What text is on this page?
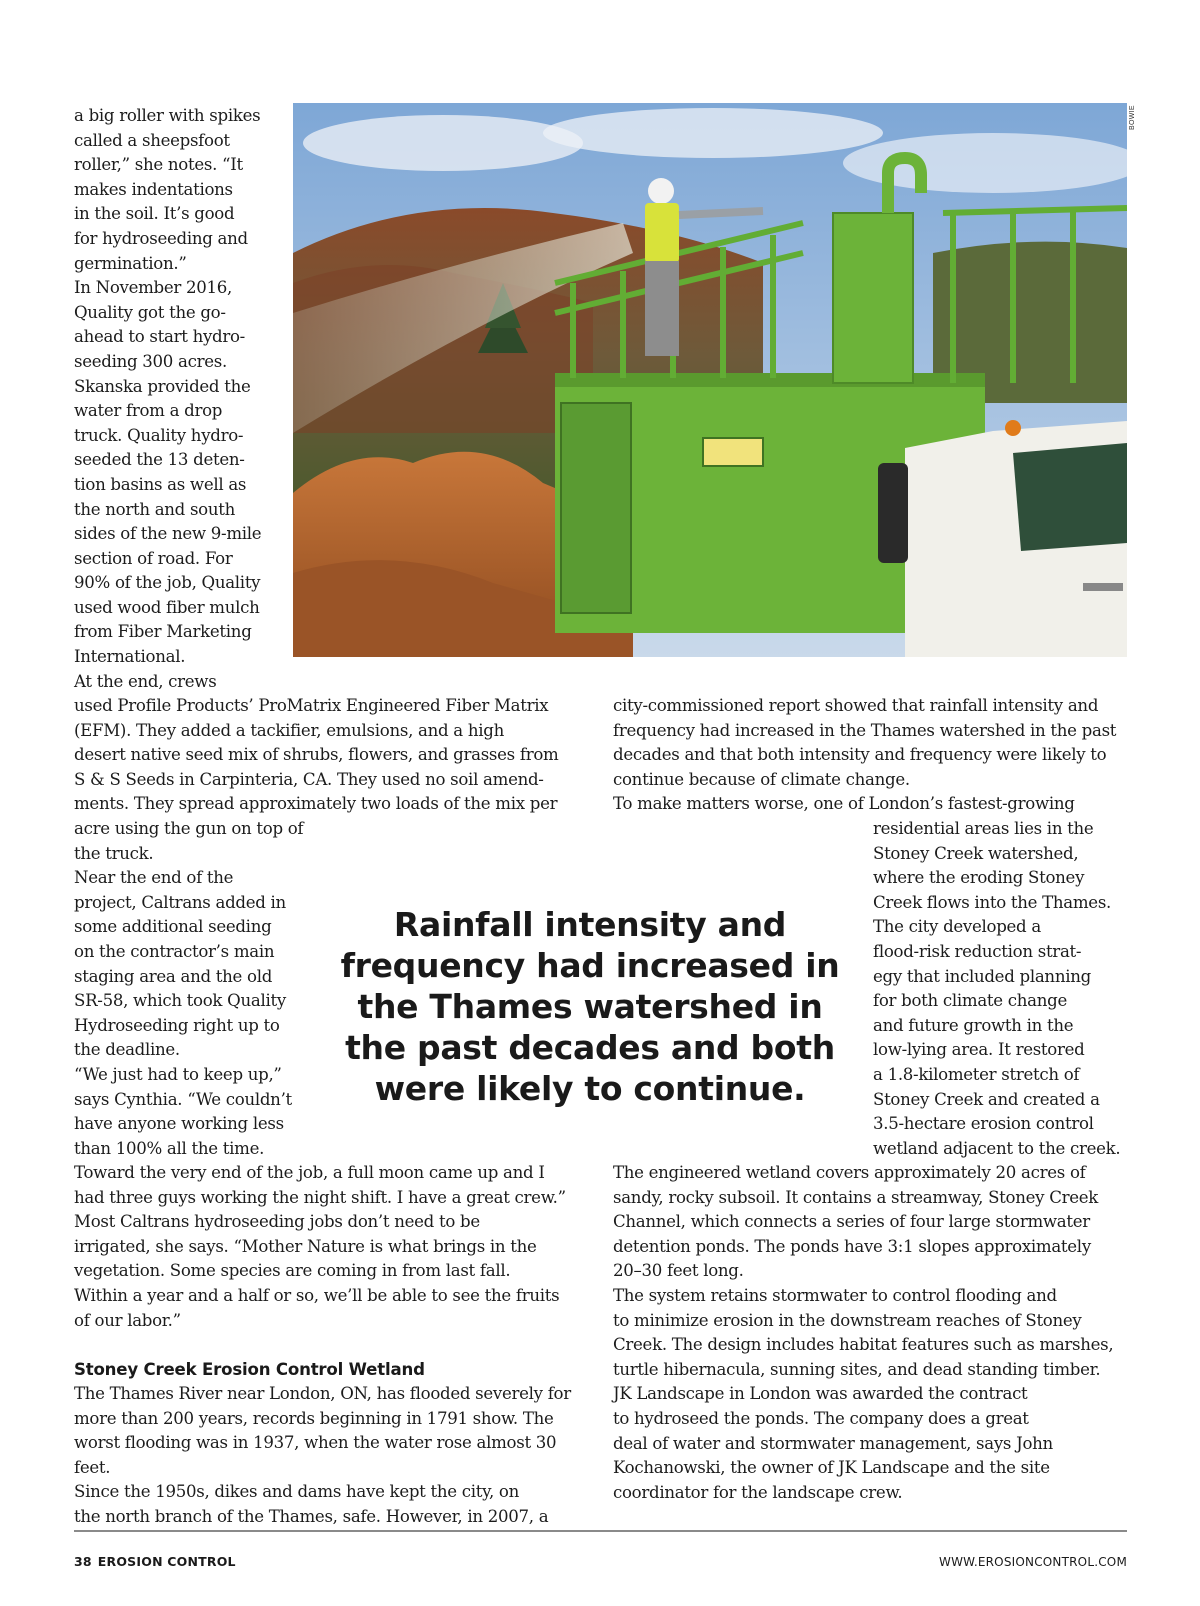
BOWIE

a big roller with spikes
called a sheepsfoot
roller,” she notes. “It
makes indentations
in the soil. It’s good
for hydroseeding and
germination.”
In November 2016,
Quality got the go-
ahead to start hydro-
seeding 300 acres.
Skanska provided the
water from a drop
truck. Quality hydro-
seeded the 13 deten-
tion basins as well as
the north and south
sides of the new 9-mile
section of road. For
90% of the job, Quality
used wood fiber mulch
from Fiber Marketing
International.
At the end, crews

used Profile Products’ ProMatrix Engineered Fiber Matrix
(EFM). They added a tackifier, emulsions, and a high
desert native seed mix of shrubs, flowers, and grasses from
S & S Seeds in Carpinteria, CA. They used no soil amend-
ments. They spread approximately two loads of the mix per

acre using the gun on top of
the truck.
Near the end of the
project, Caltrans added in
some additional seeding
on the contractor’s main
staging area and the old
SR-58, which took Quality
Hydroseeding right up to
the deadline.
“We just had to keep up,”
says Cynthia. “We couldn’t
have anyone working less
than 100% all the time.

Toward the very end of the job, a full moon came up and I
had three guys working the night shift. I have a great crew.”
Most Caltrans hydroseeding jobs don’t need to be
irrigated, she says. “Mother Nature is what brings in the
vegetation. Some species are coming in from last fall.
Within a year and a half or so, we’ll be able to see the fruits
of our labor.”

Stoney Creek Erosion Control Wetland

The Thames River near London, ON, has flooded severely for
more than 200 years, records beginning in 1791 show. The
worst flooding was in 1937, when the water rose almost 30 feet.
Since the 1950s, dikes and dams have kept the city, on
the north branch of the Thames, safe. However, in 2007, a

Rainfall intensity and
frequency had increased in
the Thames watershed in
the past decades and both
were likely to continue.

city-commissioned report showed that rainfall intensity and
frequency had increased in the Thames watershed in the past
decades and that both intensity and frequency were likely to
continue because of climate change.
To make matters worse, one of London’s fastest-growing

residential areas lies in the
Stoney Creek watershed,
where the eroding Stoney
Creek flows into the Thames.
The city developed a
flood-risk reduction strat-
egy that included planning
for both climate change
and future growth in the
low-lying area. It restored
a 1.8-kilometer stretch of
Stoney Creek and created a
3.5-hectare erosion control
wetland adjacent to the creek.

The engineered wetland covers approximately 20 acres of
sandy, rocky subsoil. It contains a streamway, Stoney Creek
Channel, which connects a series of four large stormwater
detention ponds. The ponds have 3:1 slopes approximately
20–30 feet long.
The system retains stormwater to control flooding and
to minimize erosion in the downstream reaches of Stoney
Creek. The design includes habitat features such as marshes,
turtle hibernacula, sunning sites, and dead standing timber.
JK Landscape in London was awarded the contract
to hydroseed the ponds. The company does a great
deal of water and stormwater management, says John
Kochanowski, the owner of JK Landscape and the site
coordinator for the landscape crew.

38 EROSION CONTROL	WWW.EROSIONCONTROL.COM
